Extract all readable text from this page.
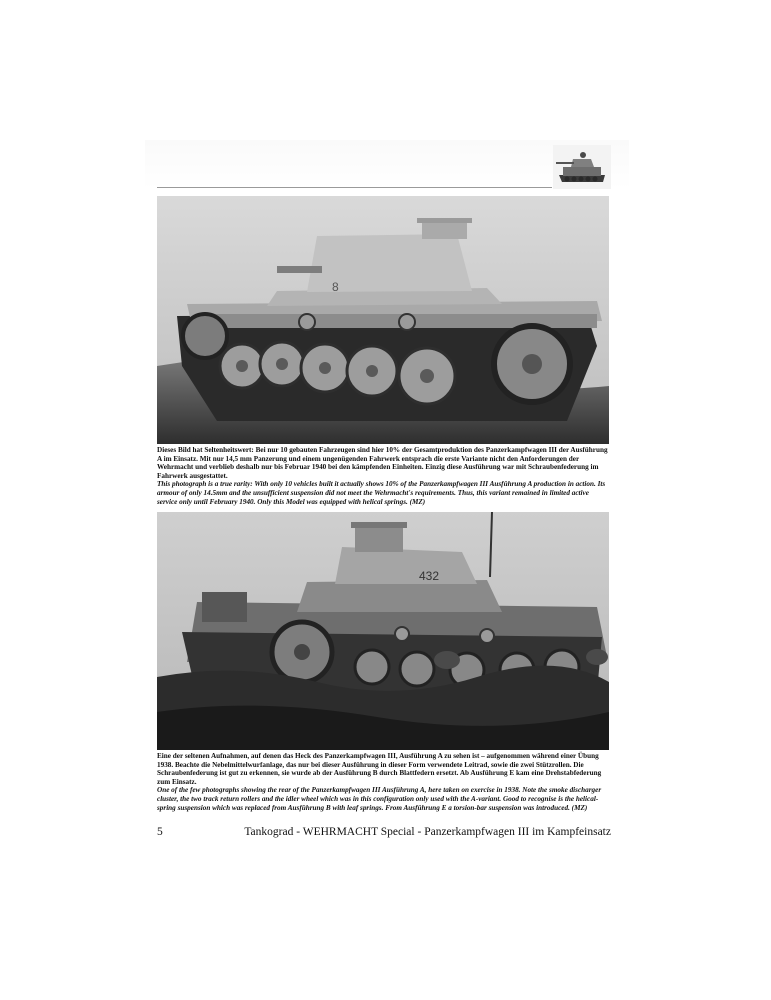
8

Dieses Bild hat Seltenheitswert: Bei nur 10 gebauten Fahrzeugen sind hier 10% der Gesamtproduktion des Panzerkampfwagen III der Ausführung A im Einsatz. Mit nur 14,5 mm Panzerung und einem ungenügenden Fahrwerk entsprach die erste Variante nicht den Anforderungen der Wehrmacht und verblieb deshalb nur bis Februar 1940 bei den kämpfenden Einheiten. Einzig diese Ausführung war mit Schraubenfederung im Fahrwerk ausgestattet.

This photograph is a true rarity: With only 10 vehicles built it actually shows 10% of the Panzerkampfwagen III Ausführung A production in action. Its armour of only 14.5mm and the unsufficient suspension did not meet the Wehrmacht's requirements. Thus, this variant remained in limited active service only until February 1940. Only this Model was equipped with helical springs. (MZ)

432

Eine der seltenen Aufnahmen, auf denen das Heck des Panzerkampfwagen III, Ausführung A zu sehen ist – aufgenommen während einer Übung 1938. Beachte die Nebelmittelwurfanlage, das nur bei dieser Ausführung in dieser Form verwendete Leitrad, sowie die zwei Stützrollen. Die Schraubenfederung ist gut zu erkennen, sie wurde ab der Ausführung B durch Blattfedern ersetzt. Ab Ausführung E kam eine Drehstabfederung zum Einsatz.

One of the few photographs showing the rear of the Panzerkampfwagen III Ausführung A, here taken on exercise in 1938. Note the smoke discharger cluster, the two track return rollers and the idler wheel which was in this configuration only used with the A-variant. Good to recognise is the helical-spring suspension which was replaced from Ausführung B with leaf springs. From Ausführung E a torsion-bar suspension was introduced. (MZ)

5	Tankograd - WEHRMACHT Special - Panzerkampfwagen III im Kampfeinsatz
